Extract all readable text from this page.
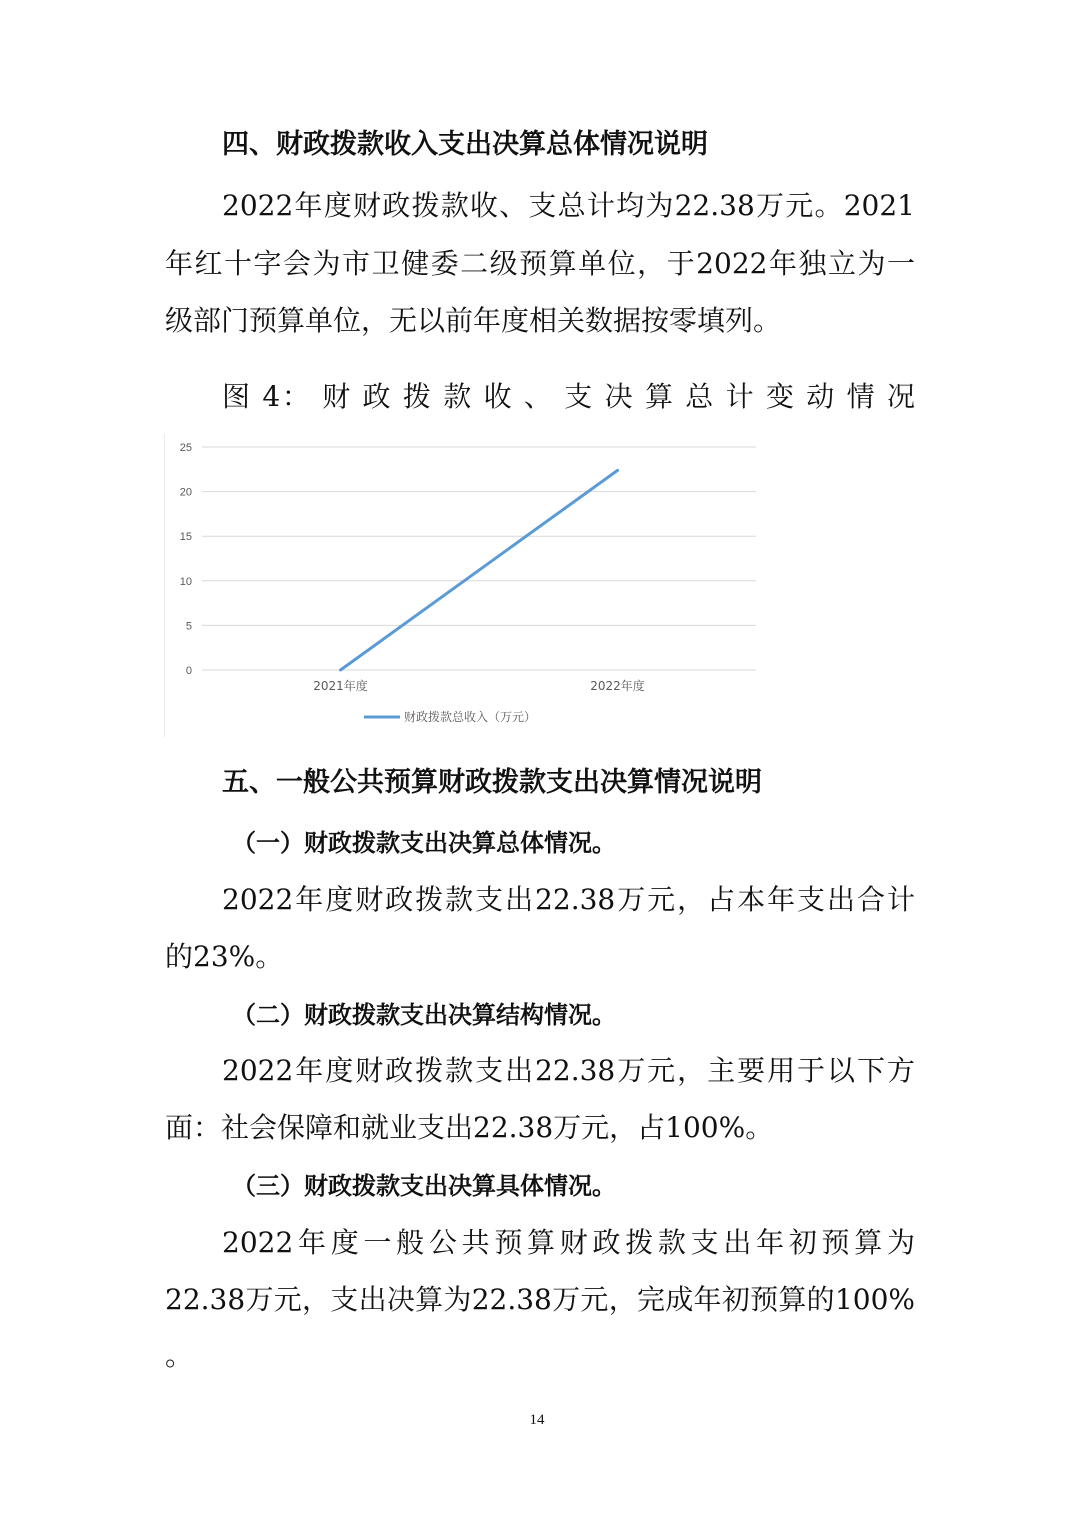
四、财政拨款收入支出决算总体情况说明
2022年度财政拨款收、支总计均为22.38万元。2021
年红十字会为市卫健委二级预算单位，于2022年独立为一
级部门预算单位，无以前年度相关数据按零填列。
图 4： 财 政 拨 款 收 、 支 决 算 总 计 变 动 情 况
0
5
10
15
20
25
2021年度	2022年度
财政拨款总收入（万元）
五、一般公共预算财政拨款支出决算情况说明
（一）财政拨款支出决算总体情况。
2022年度财政拨款支出22.38万元，占本年支出合计
的23%。
（二）财政拨款支出决算结构情况。
2022年度财政拨款支出22.38万元，主要用于以下方
面：社会保障和就业支出22.38万元，占100%。
（三）财政拨款支出决算具体情况。
2022年度一般公共预算财政拨款支出年初预算为
22.38万元，支出决算为22.38万元，完成年初预算的100%
。
14
